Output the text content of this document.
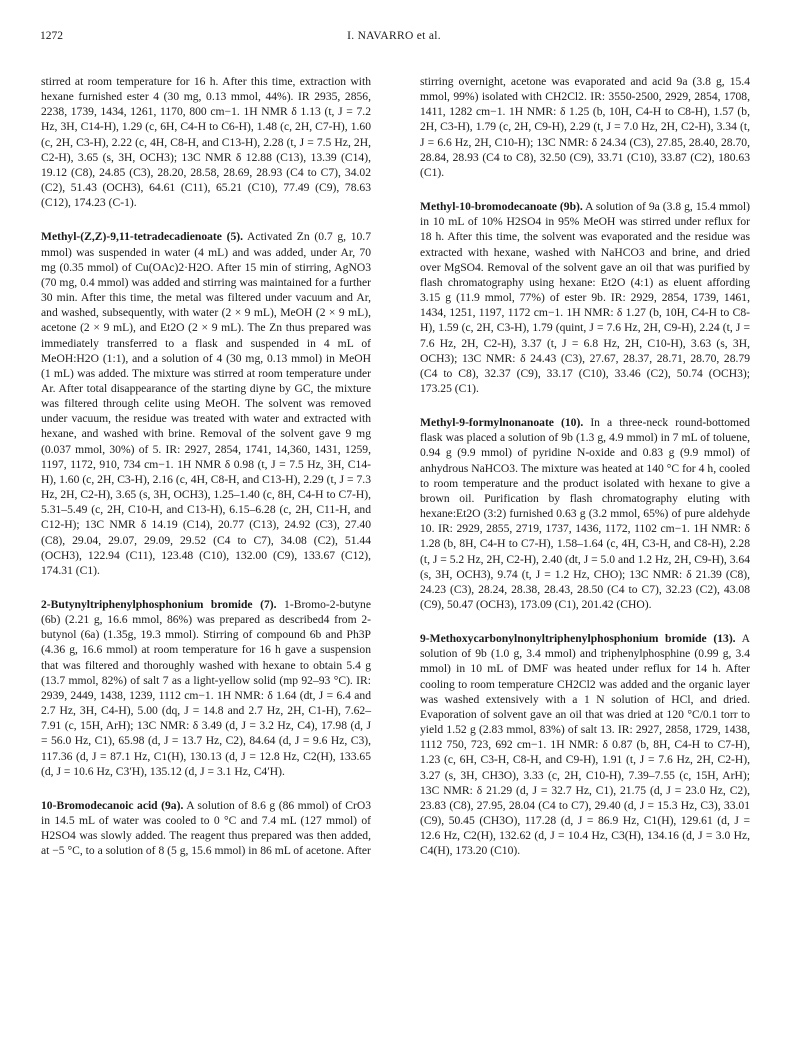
1272	I. NAVARRO et al.

stirred at room temperature for 16 h. After this time, extraction with hexane furnished ester 4 (30 mg, 0.13 mmol, 44%). IR 2935, 2856, 2238, 1739, 1434, 1261, 1170, 800 cm−1. 1H NMR δ 1.13 (t, J = 7.2 Hz, 3H, C14-H), 1.29 (c, 6H, C4-H to C6-H), 1.48 (c, 2H, C7-H), 1.60 (c, 2H, C3-H), 2.22 (c, 4H, C8-H, and C13-H), 2.28 (t, J = 7.5 Hz, 2H, C2-H), 3.65 (s, 3H, OCH3); 13C NMR δ 12.88 (C13), 13.39 (C14), 19.12 (C8), 24.85 (C3), 28.20, 28.58, 28.69, 28.93 (C4 to C7), 34.02 (C2), 51.43 (OCH3), 64.61 (C11), 65.21 (C10), 77.49 (C9), 78.63 (C12), 174.23 (C-1).

Methyl-(Z,Z)-9,11-tetradecadienoate (5). Activated Zn (0.7 g, 10.7 mmol) was suspended in water (4 mL) and was added, under Ar, 70 mg (0.35 mmol) of Cu(OAc)2·H2O. After 15 min of stirring, AgNO3 (70 mg, 0.4 mmol) was added and stirring was maintained for a further 30 min. After this time, the metal was filtered under vacuum and Ar, and washed, subsequently, with water (2 × 9 mL), MeOH (2 × 9 mL), acetone (2 × 9 mL), and Et2O (2 × 9 mL). The Zn thus prepared was immediately transferred to a flask and suspended in 4 mL of MeOH:H2O (1:1), and a solution of 4 (30 mg, 0.13 mmol) in MeOH (1 mL) was added. The mixture was stirred at room temperature under Ar. After total disappearance of the starting diyne by GC, the mixture was filtered through celite using MeOH. The solvent was removed under vacuum, the residue was treated with water and extracted with hexane, and washed with brine. Removal of the solvent gave 9 mg (0.037 mmol, 30%) of 5. IR: 2927, 2854, 1741, 14,360, 1431, 1259, 1197, 1172, 910, 734 cm−1. 1H NMR δ 0.98 (t, J = 7.5 Hz, 3H, C14-H), 1.60 (c, 2H, C3-H), 2.16 (c, 4H, C8-H, and C13-H), 2.29 (t, J = 7.3 Hz, 2H, C2-H), 3.65 (s, 3H, OCH3), 1.25–1.40 (c, 8H, C4-H to C7-H), 5.31–5.49 (c, 2H, C10-H, and C13-H), 6.15–6.28 (c, 2H, C11-H, and C12-H); 13C NMR δ 14.19 (C14), 20.77 (C13), 24.92 (C3), 27.40 (C8), 29.04, 29.07, 29.09, 29.52 (C4 to C7), 34.08 (C2), 51.44 (OCH3), 122.94 (C11), 123.48 (C10), 132.00 (C9), 133.67 (C12), 174.31 (C1).

2-Butynyltriphenylphosphonium bromide (7). 1-Bromo-2-butyne (6b) (2.21 g, 16.6 mmol, 86%) was prepared as described4 from 2-butynol (6a) (1.35g, 19.3 mmol). Stirring of compound 6b and Ph3P (4.36 g, 16.6 mmol) at room temperature for 16 h gave a suspension that was filtered and thoroughly washed with hexane to obtain 5.4 g (13.7 mmol, 82%) of salt 7 as a light-yellow solid (mp 92–93 °C). IR: 2939, 2449, 1438, 1239, 1112 cm−1. 1H NMR: δ 1.64 (dt, J = 6.4 and 2.7 Hz, 3H, C4-H), 5.00 (dq, J = 14.8 and 2.7 Hz, 2H, C1-H), 7.62–7.91 (c, 15H, ArH); 13C NMR: δ 3.49 (d, J = 3.2 Hz, C4), 17.98 (d, J = 56.0 Hz, C1), 65.98 (d, J = 13.7 Hz, C2), 84.64 (d, J = 9.6 Hz, C3), 117.36 (d, J = 87.1 Hz, C1(H), 130.13 (d, J = 12.8 Hz, C2(H), 133.65 (d, J = 10.6 Hz, C3′H), 135.12 (d, J = 3.1 Hz, C4′H).

10-Bromodecanoic acid (9a). A solution of 8.6 g (86 mmol) of CrO3 in 14.5 mL of water was cooled to 0 °C and 7.4 mL (127 mmol) of H2SO4 was slowly added. The reagent thus prepared was then added, at −5 °C, to a solution of 8 (5 g, 15.6 mmol) in 86 mL of acetone. After

stirring overnight, acetone was evaporated and acid 9a (3.8 g, 15.4 mmol, 99%) isolated with CH2Cl2. IR: 3550-2500, 2929, 2854, 1708, 1411, 1282 cm−1. 1H NMR: δ 1.25 (b, 10H, C4-H to C8-H), 1.57 (b, 2H, C3-H), 1.79 (c, 2H, C9-H), 2.29 (t, J = 7.0 Hz, 2H, C2-H), 3.34 (t, J = 6.6 Hz, 2H, C10-H); 13C NMR: δ 24.34 (C3), 27.85, 28.40, 28.70, 28.84, 28.93 (C4 to C8), 32.50 (C9), 33.71 (C10), 33.87 (C2), 180.63 (C1).

Methyl-10-bromodecanoate (9b). A solution of 9a (3.8 g, 15.4 mmol) in 10 mL of 10% H2SO4 in 95% MeOH was stirred under reflux for 18 h. After this time, the solvent was evaporated and the residue was extracted with hexane, washed with NaHCO3 and brine, and dried over MgSO4. Removal of the solvent gave an oil that was purified by flash chromatography using hexane: Et2O (4:1) as eluent affording 3.15 g (11.9 mmol, 77%) of ester 9b. IR: 2929, 2854, 1739, 1461, 1434, 1251, 1197, 1172 cm−1. 1H NMR: δ 1.27 (b, 10H, C4-H to C8-H), 1.59 (c, 2H, C3-H), 1.79 (quint, J = 7.6 Hz, 2H, C9-H), 2.24 (t, J = 7.6 Hz, 2H, C2-H), 3.37 (t, J = 6.8 Hz, 2H, C10-H), 3.63 (s, 3H, OCH3); 13C NMR: δ 24.43 (C3), 27.67, 28.37, 28.71, 28.70, 28.79 (C4 to C8), 32.37 (C9), 33.17 (C10), 33.46 (C2), 50.74 (OCH3); 173.25 (C1).

Methyl-9-formylnonanoate (10). In a three-neck round-bottomed flask was placed a solution of 9b (1.3 g, 4.9 mmol) in 7 mL of toluene, 0.94 g (9.9 mmol) of pyridine N-oxide and 0.83 g (9.9 mmol) of anhydrous NaHCO3. The mixture was heated at 140 °C for 4 h, cooled to room temperature and the product isolated with hexane to give a brown oil. Purification by flash chromatography eluting with hexane:Et2O (3:2) furnished 0.63 g (3.2 mmol, 65%) of pure aldehyde 10. IR: 2929, 2855, 2719, 1737, 1436, 1172, 1102 cm−1. 1H NMR: δ 1.28 (b, 8H, C4-H to C7-H), 1.58–1.64 (c, 4H, C3-H, and C8-H), 2.28 (t, J = 5.2 Hz, 2H, C2-H), 2.40 (dt, J = 5.0 and 1.2 Hz, 2H, C9-H), 3.64 (s, 3H, OCH3), 9.74 (t, J = 1.2 Hz, CHO); 13C NMR: δ 21.39 (C8), 24.23 (C3), 28.24, 28.38, 28.43, 28.50 (C4 to C7), 32.23 (C2), 43.08 (C9), 50.47 (OCH3), 173.09 (C1), 201.42 (CHO).

9-Methoxycarbonylnonyltriphenylphosphonium bromide (13). A solution of 9b (1.0 g, 3.4 mmol) and triphenylphosphine (0.99 g, 3.4 mmol) in 10 mL of DMF was heated under reflux for 14 h. After cooling to room temperature CH2Cl2 was added and the organic layer was washed extensively with a 1 N solution of HCl, and dried. Evaporation of solvent gave an oil that was dried at 120 °C/0.1 torr to yield 1.52 g (2.83 mmol, 83%) of salt 13. IR: 2927, 2858, 1729, 1438, 1112 750, 723, 692 cm−1. 1H NMR: δ 0.87 (b, 8H, C4-H to C7-H), 1.23 (c, 6H, C3-H, C8-H, and C9-H), 1.91 (t, J = 7.6 Hz, 2H, C2-H), 3.27 (s, 3H, CH3O), 3.33 (c, 2H, C10-H), 7.39–7.55 (c, 15H, ArH); 13C NMR: δ 21.29 (d, J = 32.7 Hz, C1), 21.75 (d, J = 23.0 Hz, C2), 23.83 (C8), 27.95, 28.04 (C4 to C7), 29.40 (d, J = 15.3 Hz, C3), 33.01 (C9), 50.45 (CH3O), 117.28 (d, J = 86.9 Hz, C1(H), 129.61 (d, J = 12.6 Hz, C2(H), 132.62 (d, J = 10.4 Hz, C3(H), 134.16 (d, J = 3.0 Hz, C4(H), 173.20 (C10).
